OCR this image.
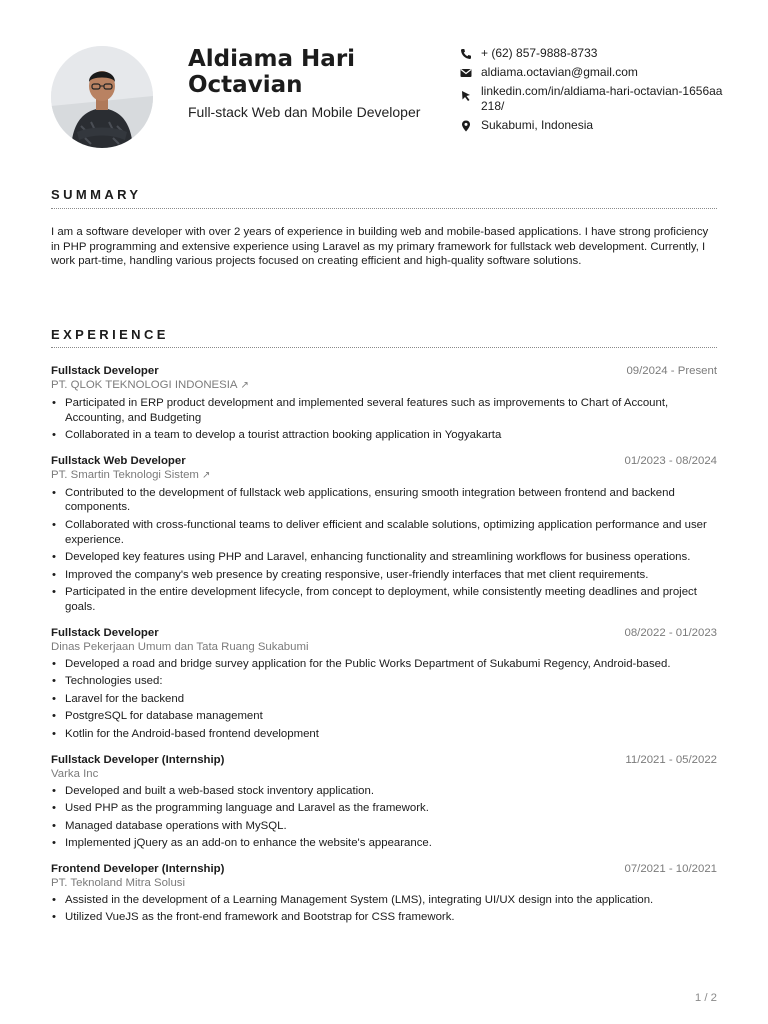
Aldiama Hari Octavian
Full-stack Web dan Mobile Developer
+ (62) 857-9888-8733
aldiama.octavian@gmail.com
linkedin.com/in/aldiama-hari-octavian-1656aa218/
Sukabumi, Indonesia
SUMMARY
I am a software developer with over 2 years of experience in building web and mobile-based applications. I have strong proficiency in PHP programming and extensive experience using Laravel as my primary framework for fullstack web development. Currently, I work part-time, handling various projects focused on creating efficient and high-quality software solutions.
EXPERIENCE
Fullstack Developer	09/2024 - Present
PT. QLOK TEKNOLOGI INDONESIA ↗
• Participated in ERP product development and implemented several features such as improvements to Chart of Account, Accounting, and Budgeting
• Collaborated in a team to develop a tourist attraction booking application in Yogyakarta
Fullstack Web Developer	01/2023 - 08/2024
PT. Smartin Teknologi Sistem ↗
• Contributed to the development of fullstack web applications, ensuring smooth integration between frontend and backend components.
• Collaborated with cross-functional teams to deliver efficient and scalable solutions, optimizing application performance and user experience.
• Developed key features using PHP and Laravel, enhancing functionality and streamlining workflows for business operations.
• Improved the company's web presence by creating responsive, user-friendly interfaces that met client requirements.
• Participated in the entire development lifecycle, from concept to deployment, while consistently meeting deadlines and project goals.
Fullstack Developer	08/2022 - 01/2023
Dinas Pekerjaan Umum dan Tata Ruang Sukabumi
• Developed a road and bridge survey application for the Public Works Department of Sukabumi Regency, Android-based.
• Technologies used:
• Laravel for the backend
• PostgreSQL for database management
• Kotlin for the Android-based frontend development
Fullstack Developer (Internship)	11/2021 - 05/2022
Varka Inc
• Developed and built a web-based stock inventory application.
• Used PHP as the programming language and Laravel as the framework.
• Managed database operations with MySQL.
• Implemented jQuery as an add-on to enhance the website's appearance.
Frontend Developer (Internship)	07/2021 - 10/2021
PT. Teknoland Mitra Solusi
• Assisted in the development of a Learning Management System (LMS), integrating UI/UX design into the application.
• Utilized VueJS as the front-end framework and Bootstrap for CSS framework.
1 / 2
